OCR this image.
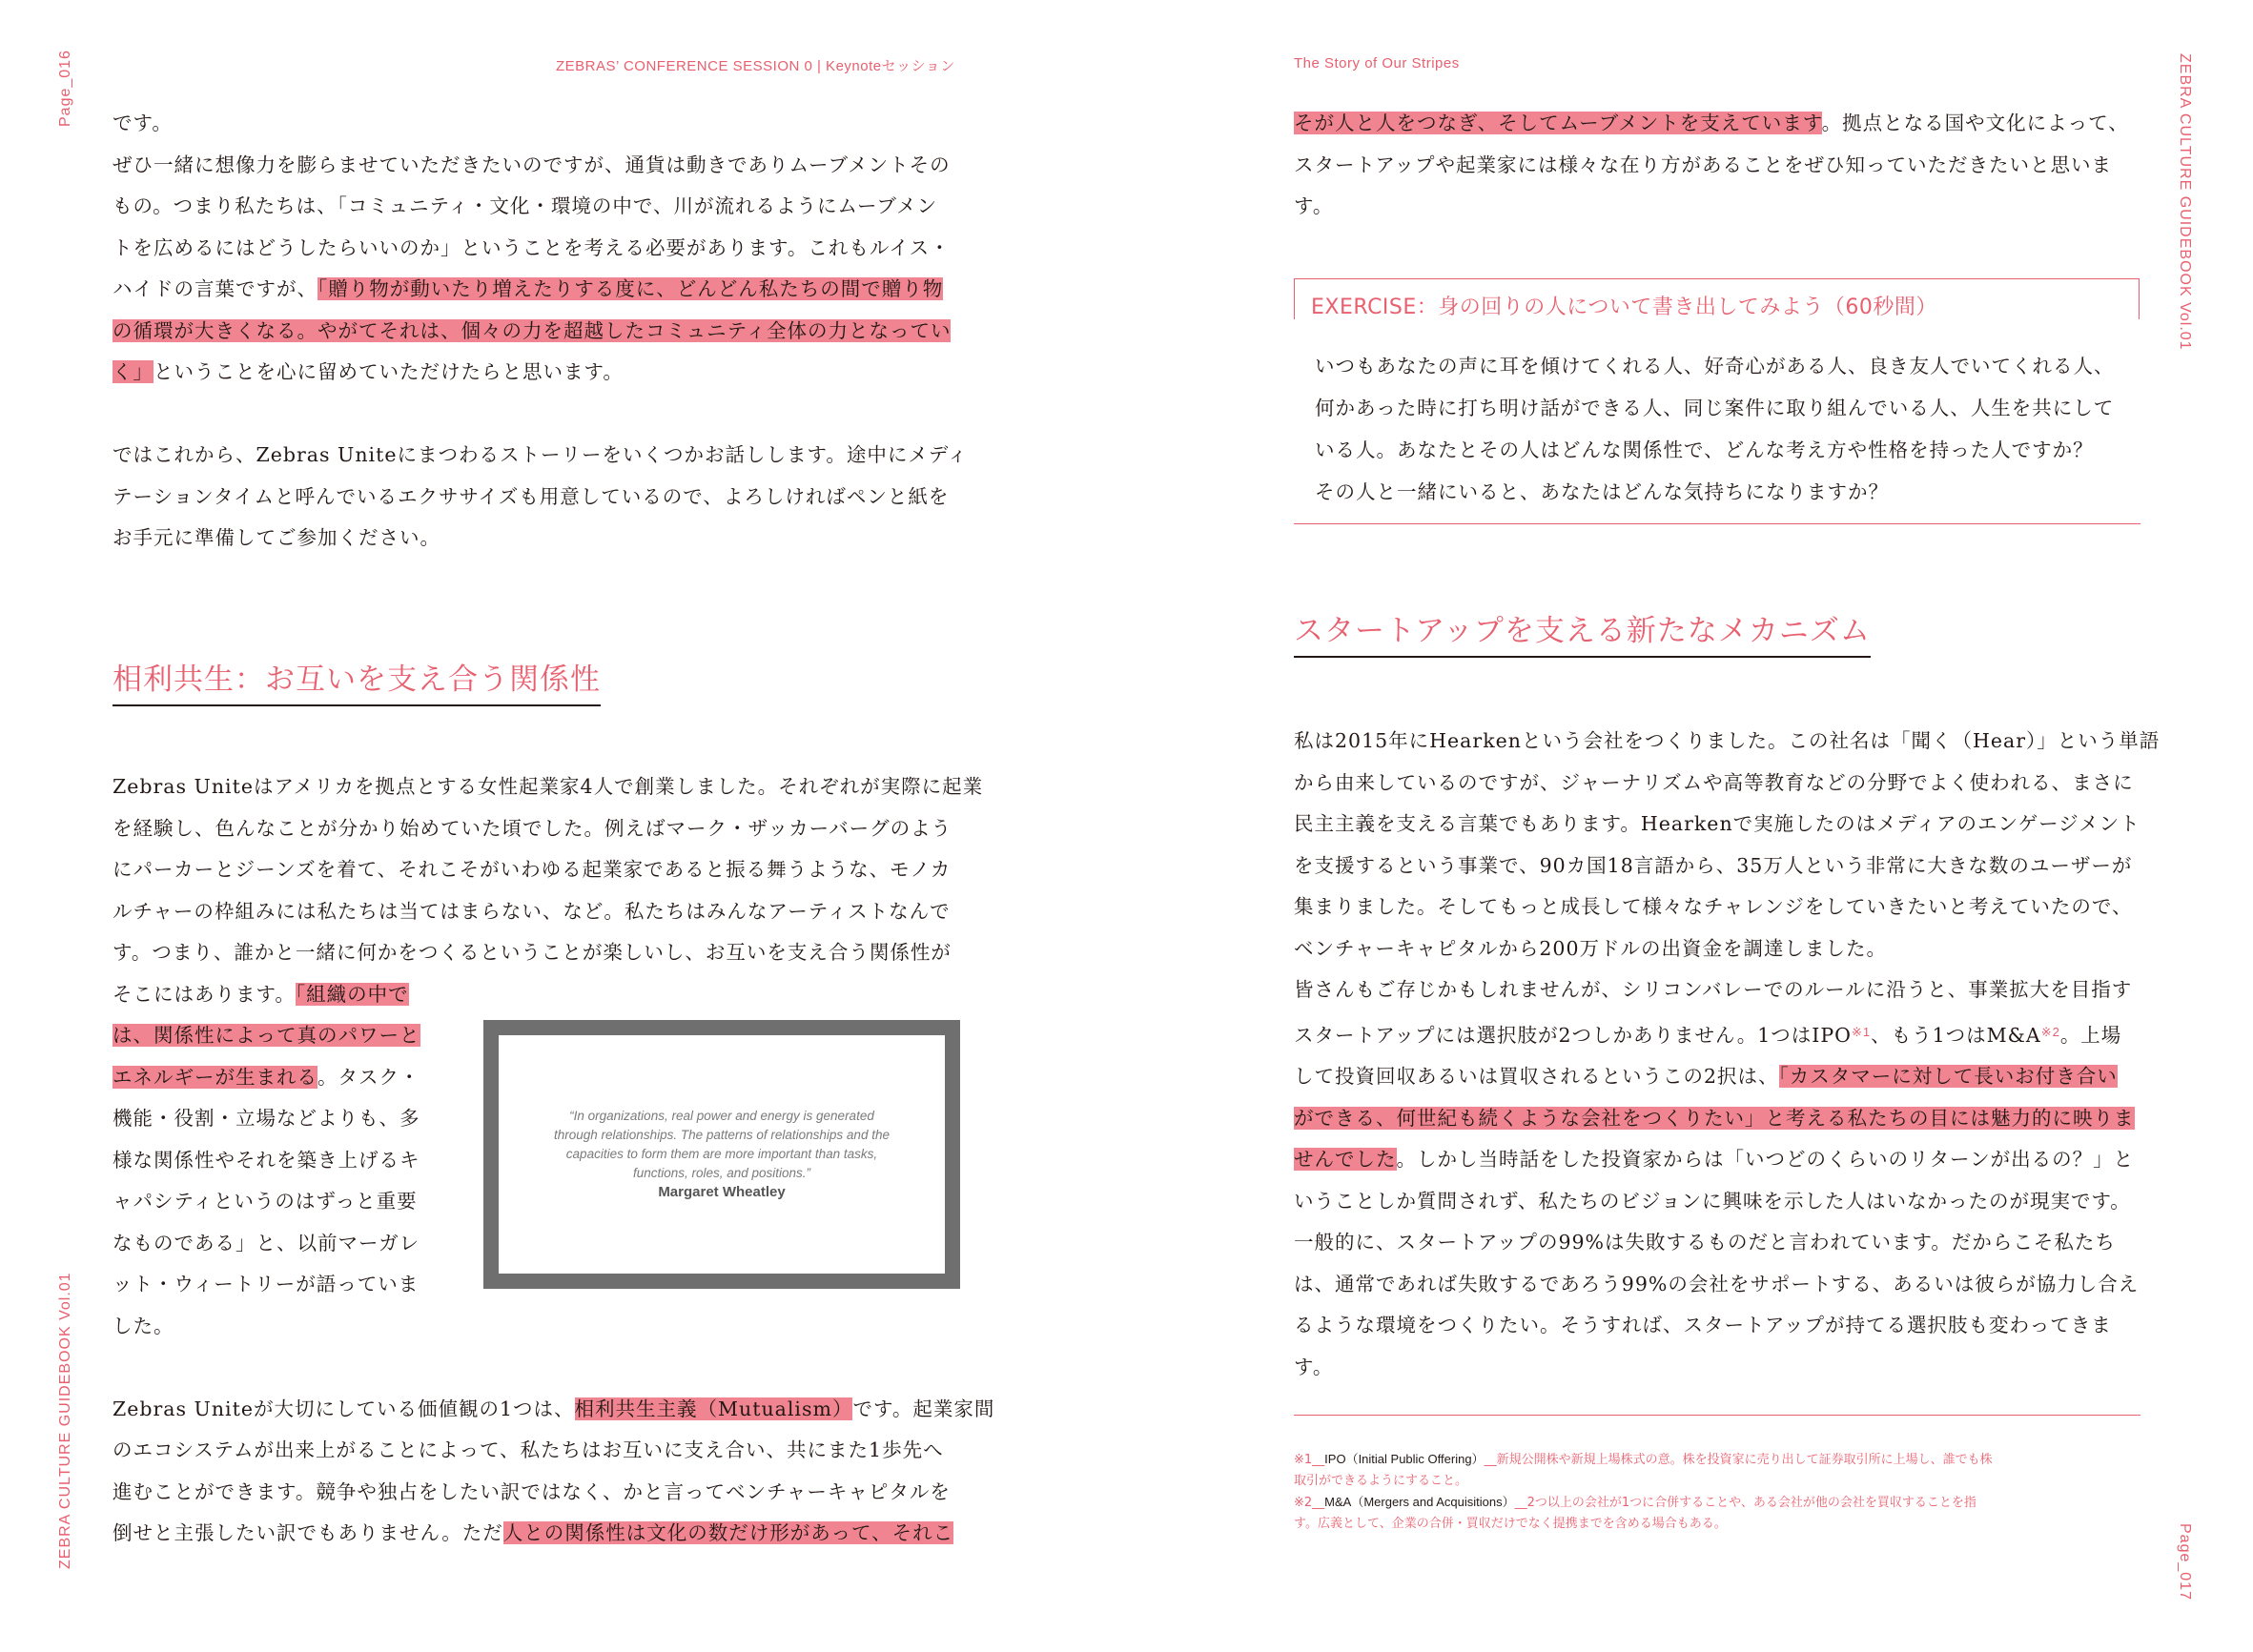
Page_016
ZEBRA CULTURE GUIDEBOOK Vol.01
ZEBRAS’ CONFERENCE SESSION 0 | Keynoteセッション

です。

ぜひ一緒に想像力を膨らませていただきたいのですが、通貨は動きでありムーブメントその

もの。つまり私たちは、「コミュニティ・文化・環境の中で、川が流れるようにムーブメン

トを広めるにはどうしたらいいのか」ということを考える必要があります。これもルイス・

ハイドの言葉ですが、「贈り物が動いたり増えたりする度に、どんどん私たちの間で贈り物

の循環が大きくなる。やがてそれは、個々の力を超越したコミュニティ全体の力となってい

く」ということを心に留めていただけたらと思います。

ではこれから、Zebras Uniteにまつわるストーリーをいくつかお話しします。途中にメディ

テーションタイムと呼んでいるエクササイズも用意しているので、よろしければペンと紙を

お手元に準備してご参加ください。

相利共生：お互いを支え合う関係性

Zebras Uniteはアメリカを拠点とする女性起業家4人で創業しました。それぞれが実際に起業

を経験し、色んなことが分かり始めていた頃でした。例えばマーク・ザッカーバーグのよう

にパーカーとジーンズを着て、それこそがいわゆる起業家であると振る舞うような、モノカ

ルチャーの枠組みには私たちは当てはまらない、など。私たちはみんなアーティストなんで

す。つまり、誰かと一緒に何かをつくるということが楽しいし、お互いを支え合う関係性が

そこにはあります。「組織の中で

は、関係性によって真のパワーと

エネルギーが生まれる。タスク・

機能・役割・立場などよりも、多

様な関係性やそれを築き上げるキ

ャパシティというのはずっと重要

なものである」と、以前マーガレ

ット・ウィートリーが語っていま

した。

Zebras Uniteが大切にしている価値観の1つは、相利共生主義（Mutualism）です。起業家間

のエコシステムが出来上がることによって、私たちはお互いに支え合い、共にまた1歩先へ

進むことができます。競争や独占をしたい訳ではなく、かと言ってベンチャーキャピタルを

倒せと主張したい訳でもありません。ただ人との関係性は文化の数だけ形があって、それこ

“In organizations, real power and energy is generated through relationships. The patterns of relationships and the capacities to form them are more important than tasks, functions, roles, and positions.”
Margaret Wheatley
The Story of Our Stripes	ZEBRA CULTURE GUIDEBOOK Vol.01
Page_017

そが人と人をつなぎ、そしてムーブメントを支えています。拠点となる国や文化によって、

スタートアップや起業家には様々な在り方があることをぜひ知っていただきたいと思いま

す。

EXERCISE：身の回りの人について書き出してみよう（60秒間）

いつもあなたの声に耳を傾けてくれる人、好奇心がある人、良き友人でいてくれる人、

何かあった時に打ち明け話ができる人、同じ案件に取り組んでいる人、人生を共にして

いる人。あなたとその人はどんな関係性で、どんな考え方や性格を持った人ですか？

その人と一緒にいると、あなたはどんな気持ちになりますか？

スタートアップを支える新たなメカニズム

私は2015年にHearkenという会社をつくりました。この社名は「聞く（Hear）」という単語

から由来しているのですが、ジャーナリズムや高等教育などの分野でよく使われる、まさに

民主主義を支える言葉でもあります。Hearkenで実施したのはメディアのエンゲージメント

を支援するという事業で、90カ国18言語から、35万人という非常に大きな数のユーザーが

集まりました。そしてもっと成長して様々なチャレンジをしていきたいと考えていたので、

ベンチャーキャピタルから200万ドルの出資金を調達しました。

皆さんもご存じかもしれませんが、シリコンバレーでのルールに沿うと、事業拡大を目指す

スタートアップには選択肢が2つしかありません。1つはIPO$^{※1}$、もう1つは$M\&A^{※2}$。上場

して投資回収あるいは買収されるというこの2択は、「カスタマーに対して長いお付き合い

ができる、何世紀も続くような会社をつくりたい」と考える私たちの目には魅力的に映りま

せんでした。しかし当時話をした投資家からは「いつどのくらいのリターンが出るの？」と

いうことしか質問されず、私たちのビジョンに興味を示した人はいなかったのが現実です。

一般的に、スタートアップの99%は失敗するものだと言われています。だからこそ私たち

は、通常であれば失敗するであろう99%の会社をサポートする、あるいは彼らが協力し合え

るような環境をつくりたい。そうすれば、スタートアップが持てる選択肢も変わってきま

す。

※1__IPO（Initial Public Offering）__新規公開株や新規上場株式の意。株を投資家に売り出して証券取引所に上場し、誰でも株

取引ができるようにすること。

※2__M&A（Mergers and Acquisitions）__2つ以上の会社が1つに合併することや、ある会社が他の会社を買収することを指

す。広義として、企業の合併・買収だけでなく提携までを含める場合もある。
